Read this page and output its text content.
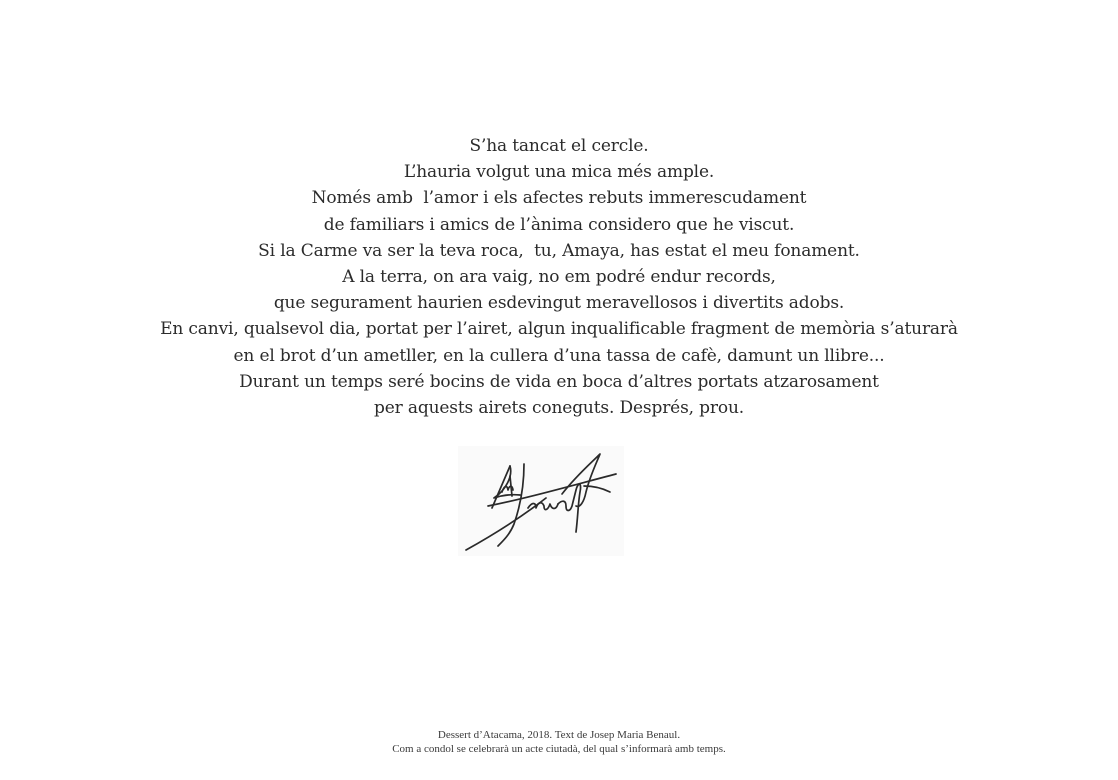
S’ha tancat el cercle.
L’hauria volgut una mica més ample.
Només amb  l’amor i els afectes rebuts immerescudament
de familiars i amics de l’ànima considero que he viscut.
Si la Carme va ser la teva roca,  tu, Amaya, has estat el meu fonament.
A la terra, on ara vaig, no em podré endur records,
que segurament haurien esdevingut meravellosos i divertits adobs.
En canvi, qualsevol dia, portat per l’airet, algun inqualificable fragment de memòria s’aturarà
en el brot d’un ametller, en la cullera d’una tassa de cafè, damunt un llibre...
Durant un temps seré bocins de vida en boca d’altres portats atzarosament
per aquests airets coneguts. Després, prou.
Dessert d’Atacama, 2018. Text de Josep Maria Benaul.
Com a condol se celebrarà un acte ciutadà, del qual s’informarà amb temps.
